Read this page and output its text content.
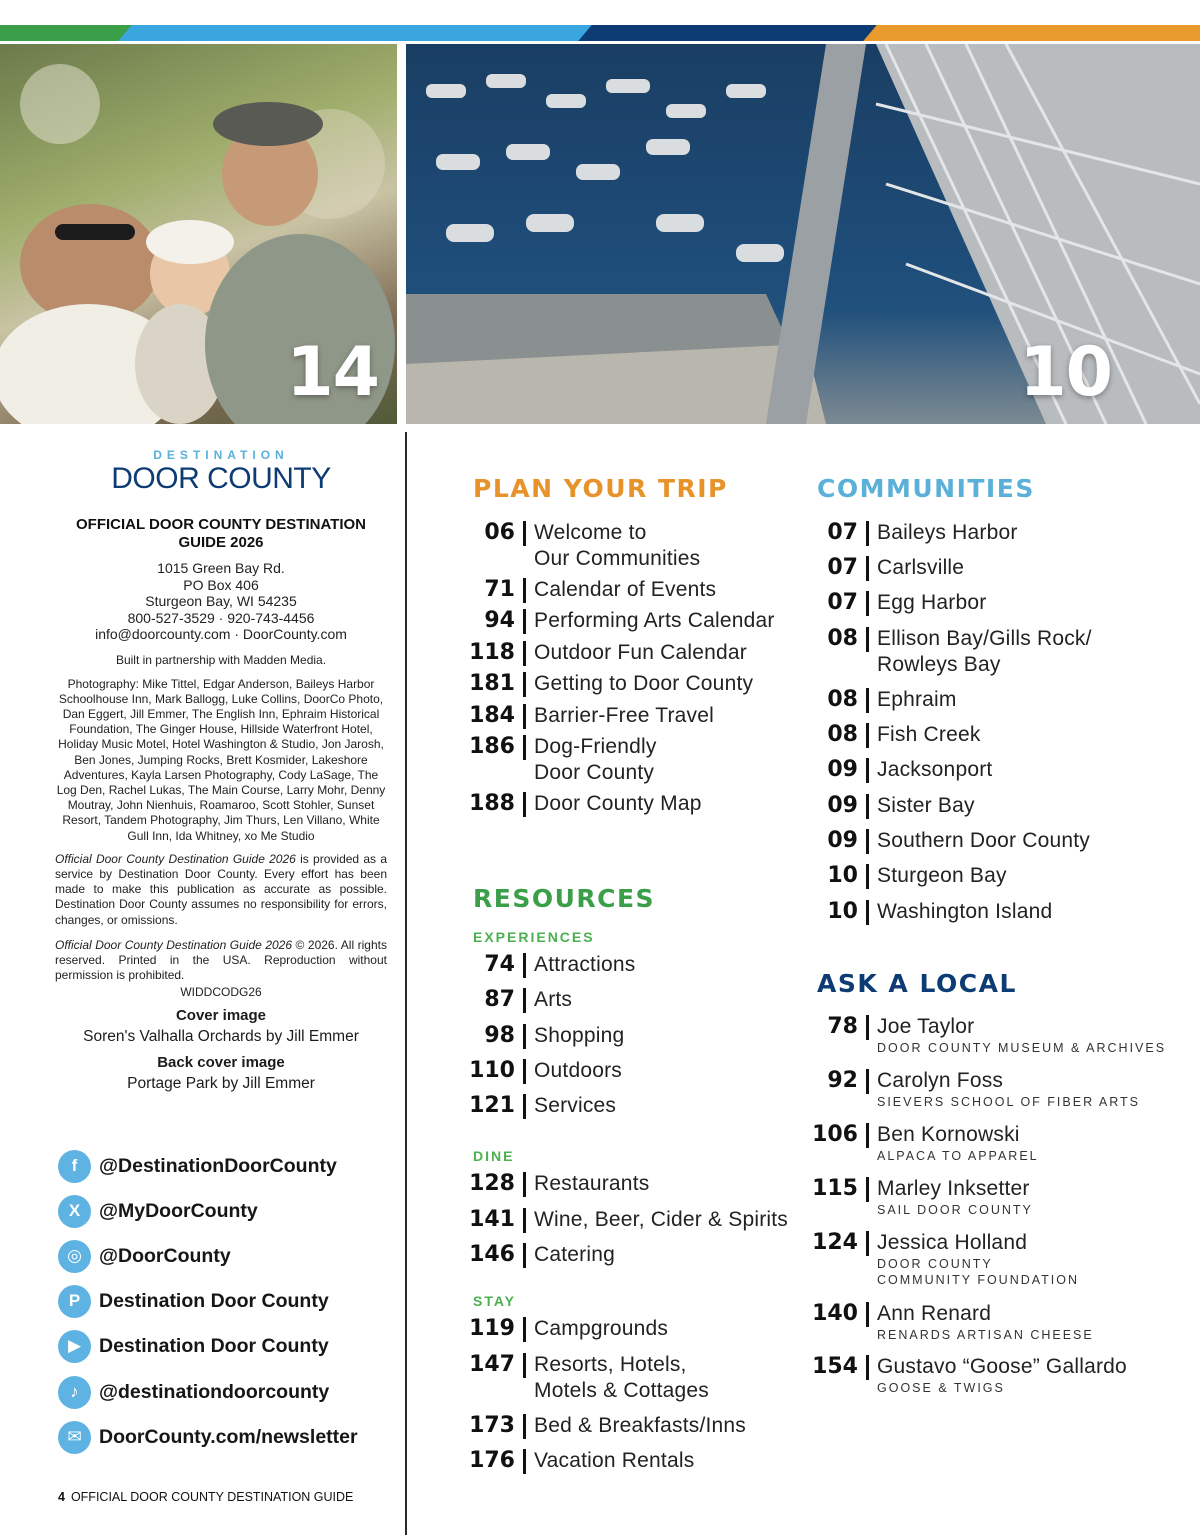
14	10
DESTINATION
DOOR COUNTY
OFFICIAL DOOR COUNTY DESTINATION GUIDE 2026
1015 Green Bay Rd.
PO Box 406
Sturgeon Bay, WI 54235
800-527-3529 · 920-743-4456
info@doorcounty.com · DoorCounty.com
Built in partnership with Madden Media.
Photography: Mike Tittel, Edgar Anderson, Baileys Harbor Schoolhouse Inn, Mark Ballogg, Luke Collins, DoorCo Photo, Dan Eggert, Jill Emmer, The English Inn, Ephraim Historical Foundation, The Ginger House, Hillside Waterfront Hotel, Holiday Music Motel, Hotel Washington & Studio, Jon Jarosh, Ben Jones, Jumping Rocks, Brett Kosmider, Lakeshore Adventures, Kayla Larsen Photography, Cody LaSage, The Log Den, Rachel Lukas, The Main Course, Larry Mohr, Denny Moutray, John Nienhuis, Roamaroo, Scott Stohler, Sunset Resort, Tandem Photography, Jim Thurs, Len Villano, White Gull Inn, Ida Whitney, xo Me Studio
Official Door County Destination Guide 2026 is provided as a service by Destination Door County. Every effort has been made to make this publication as accurate as possible. Destination Door County assumes no responsibility for errors, changes, or omissions.
Official Door County Destination Guide 2026 © 2026. All rights reserved. Printed in the USA. Reproduction without permission is prohibited.
WIDDCODG26
Cover image
Soren's Valhalla Orchards by Jill Emmer
Back cover image
Portage Park by Jill Emmer
f	@DestinationDoorCounty
X @MyDoorCounty
◎ @DoorCounty
P Destination Door County
▶ Destination Door County
♪	@destinationdoorcounty
✉ DoorCounty.com/newsletter
4 OFFICIAL DOOR COUNTY DESTINATION GUIDE
PLAN YOUR TRIP
06 Welcome to
Our Communities
71 Calendar of Events
94 Performing Arts Calendar
118 Outdoor Fun Calendar
181 Getting to Door County
184 Barrier-Free Travel
186 Dog-Friendly
Door County
188 Door County Map
RESOURCES
EXPERIENCES
74 Attractions
87 Arts
98 Shopping
110 Outdoors
121 Services
DINE
128 Restaurants
141 Wine, Beer, Cider & Spirits
146 Catering
STAY
119 Campgrounds
147 Resorts, Hotels,
Motels & Cottages
173 Bed & Breakfasts/Inns
176 Vacation Rentals
COMMUNITIES
07 Baileys Harbor
07 Carlsville
07 Egg Harbor
08 Ellison Bay/Gills Rock/
Rowleys Bay
08 Ephraim
08 Fish Creek
09 Jacksonport
09 Sister Bay
09 Southern Door County
10 Sturgeon Bay
10 Washington Island
ASK A LOCAL
78 Joe Taylor
DOOR COUNTY MUSEUM & ARCHIVES
92 Carolyn Foss
SIEVERS SCHOOL OF FIBER ARTS
106 Ben Kornowski
ALPACA TO APPAREL
115 Marley Inksetter
SAIL DOOR COUNTY
124 Jessica Holland
DOOR COUNTY
COMMUNITY FOUNDATION
140 Ann Renard
RENARDS ARTISAN CHEESE
154 Gustavo “Goose” Gallardo
GOOSE & TWIGS
